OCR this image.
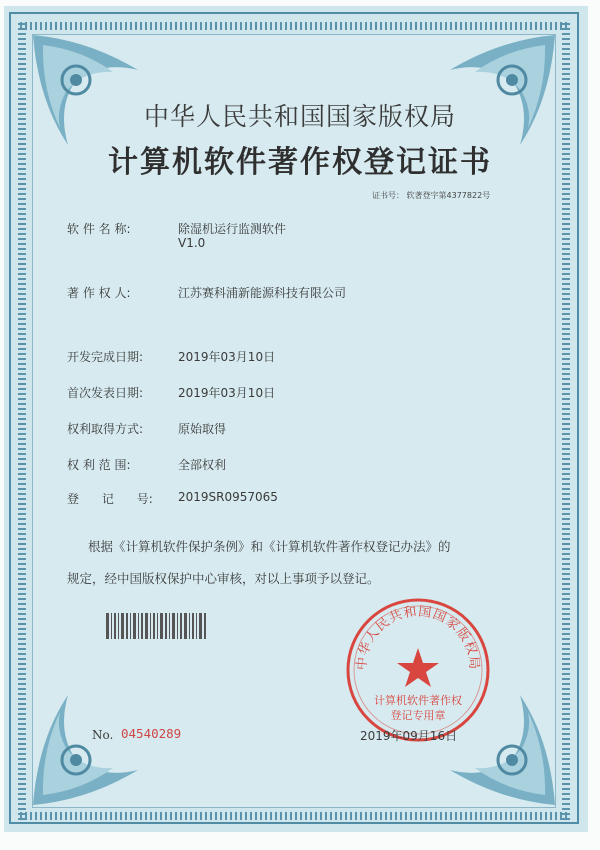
中华人民共和国国家版权局
计算机软件著作权登记证书
证书号： 软著登字第4377822号
软 件 名 称:	除湿机运行监测软件
V1.0
著 作 权 人:	江苏赛科浦新能源科技有限公司
开发完成日期:	2019年03月10日
首次发表日期:	2019年03月10日
权利取得方式:	原始取得
权 利 范 围:	全部权利
登      记      号: 2019SR0957065
根据《计算机软件保护条例》和《计算机软件著作权登记办法》的
规定，经中国版权保护中心审核，对以上事项予以登记。
中华人民共和国国家版权局
计算机软件著作权
登记专用章
No. 04540289	2019年09月16日
